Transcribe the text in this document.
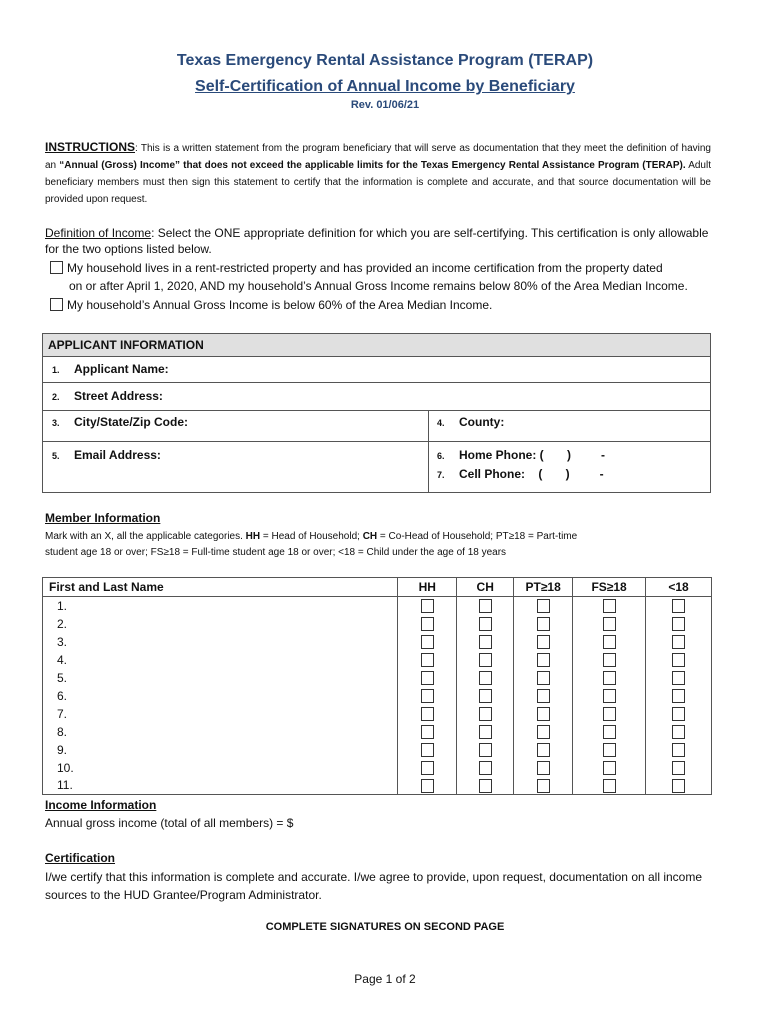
Texas Emergency Rental Assistance Program (TERAP)
Self-Certification of Annual Income by Beneficiary
Rev. 01/06/21
INSTRUCTIONS: This is a written statement from the program beneficiary that will serve as documentation that they meet the definition of having an “Annual (Gross) Income” that does not exceed the applicable limits for the Texas Emergency Rental Assistance Program (TERAP). Adult beneficiary members must then sign this statement to certify that the information is complete and accurate, and that source documentation will be provided upon request.
Definition of Income: Select the ONE appropriate definition for which you are self-certifying. This certification is only allowable for the two options listed below.
My household lives in a rent-restricted property and has provided an income certification from the property dated
on or after April 1, 2020, AND my household’s Annual Gross Income remains below 80% of the Area Median Income.
My household’s Annual Gross Income is below 60% of the Area Median Income.
APPLICANT INFORMATION
1. Applicant Name:
2. Street Address:
3. City/State/Zip Code:	4. County:
5. Email Address:	6. Home Phone: (       )         -
7. Cell Phone:    (       )         -
Member Information
Mark with an X, all the applicable categories. HH = Head of Household; CH = Co-Head of Household; PT≥18 = Part-time
student age 18 or over; FS≥18 = Full-time student age 18 or over; <18 = Child under the age of 18 years
First and Last Name	HH	CH	PT≥18	FS≥18	<18
1.					
2.					
3.					
4.					
5.					
6.					
7.					
8.					
9.					
10.					
11.					
Income Information
Annual gross income (total of all members) = $
Certification
I/we certify that this information is complete and accurate. I/we agree to provide, upon request, documentation on all income sources to the HUD Grantee/Program Administrator.
COMPLETE SIGNATURES ON SECOND PAGE
Page 1 of 2
